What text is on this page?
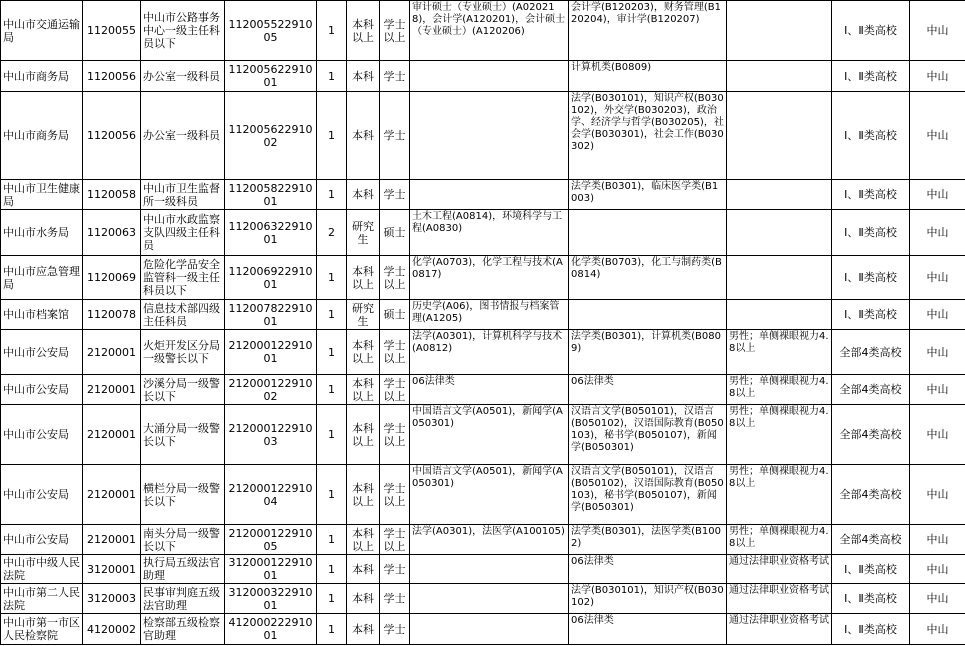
中山市交通运输局	1120055	中山市公路事务中心一级主任科员以下	11200552291005	1	本科以上	学士以上	审计硕士（专业硕士）(A020218)，会计学(A120201)，会计硕士（专业硕士）(A120206)	会计学(B120203)，财务管理(B120204)，审计学(B120207)		Ⅰ、Ⅱ类高校	中山
中山市商务局	1120056	办公室一级科员	11200562291001	1	本科	学士		计算机类(B0809)		Ⅰ、Ⅱ类高校	中山
中山市商务局	1120056	办公室一级科员	11200562291002	1	本科	学士		法学(B030101)，知识产权(B030102)，外交学(B030203)，政治学、经济学与哲学(B030205)，社会学(B030301)，社会工作(B030302)		Ⅰ、Ⅱ类高校	中山
中山市卫生健康局	1120058	中山市卫生监督所一级科员	11200582291001	1	本科	学士		法学类(B0301)，临床医学类(B1003)		Ⅰ、Ⅱ类高校	中山
中山市水务局	1120063	中山市水政监察支队四级主任科员	11200632291001	2	研究生	硕士	土木工程(A0814)，环境科学与工程(A0830)			Ⅰ、Ⅱ类高校	中山
中山市应急管理局	1120069	危险化学品安全监管科一级主任科员以下	11200692291001	1	本科以上	学士以上	化学(A0703)，化学工程与技术(A0817)	化学类(B0703)，化工与制药类(B0814)		Ⅰ、Ⅱ类高校	中山
中山市档案馆	1120078	信息技术部四级主任科员	11200782291001	1	研究生	硕士	历史学(A06)，图书情报与档案管理(A1205)			Ⅰ、Ⅱ类高校	中山
中山市公安局	2120001	火炬开发区分局一级警长以下	21200012291001	1	本科以上	学士以上	法学(A0301)，计算机科学与技术(A0812)	法学类(B0301)，计算机类(B0809)	男性；单侧裸眼视力4.8以上	全部4类高校	中山
中山市公安局	2120001	沙溪分局一级警长以下	21200012291002	1	本科以上	学士以上	06法律类	06法律类	男性；单侧裸眼视力4.8以上	全部4类高校	中山
中山市公安局	2120001	大涌分局一级警长以下	21200012291003	1	本科以上	学士以上	中国语言文学(A0501)，新闻学(A050301)	汉语言文学(B050101)，汉语言(B050102)，汉语国际教育(B050103)，秘书学(B050107)，新闻学(B050301)	男性；单侧裸眼视力4.8以上	全部4类高校	中山
中山市公安局	2120001	横栏分局一级警长以下	21200012291004	1	本科以上	学士以上	中国语言文学(A0501)，新闻学(A050301)	汉语言文学(B050101)，汉语言(B050102)，汉语国际教育(B050103)，秘书学(B050107)，新闻学(B050301)	男性；单侧裸眼视力4.8以上	全部4类高校	中山
中山市公安局	2120001	南头分局一级警长以下	21200012291005	1	本科以上	学士以上	法学(A0301)，法医学(A100105)	法学类(B0301)，法医学类(B1002)	男性；单侧裸眼视力4.8以上	全部4类高校	中山
中山市中级人民法院	3120001	执行局五级法官助理	31200012291001	1	本科	学士		06法律类	通过法律职业资格考试	Ⅰ、Ⅱ类高校	中山
中山市第二人民法院	3120003	民事审判庭五级法官助理	31200032291001	1	本科	学士		法学(B030101)，知识产权(B030102)	通过法律职业资格考试	Ⅰ、Ⅱ类高校	中山
中山市第一市区人民检察院	4120002	检察部五级检察官助理	41200022291001	1	本科	学士		06法律类	通过法律职业资格考试	Ⅰ、Ⅱ类高校	中山
